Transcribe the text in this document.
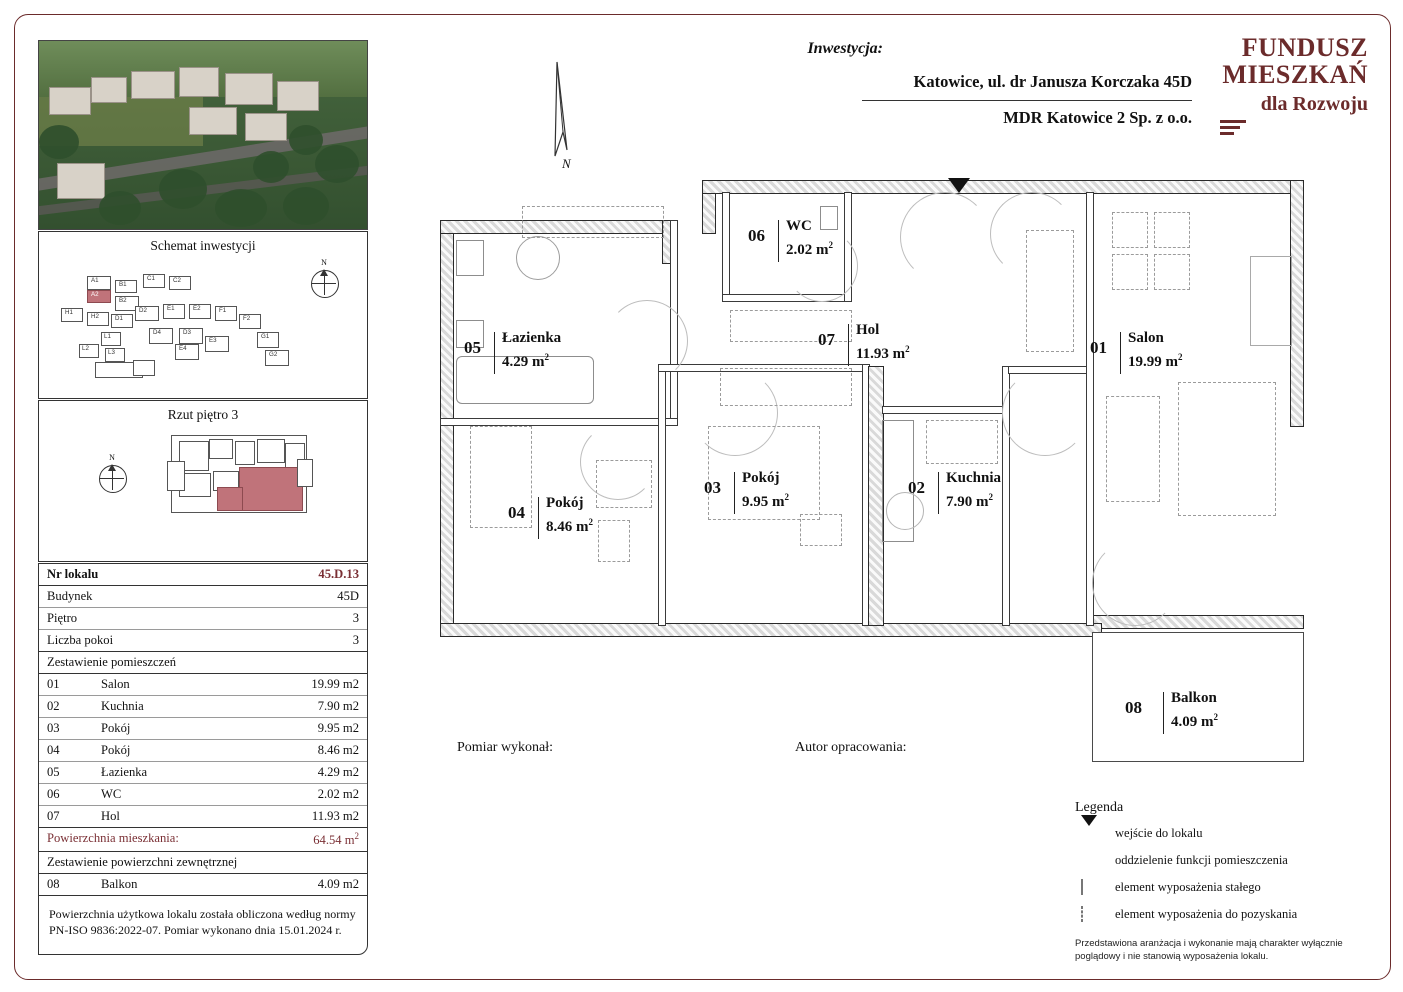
Schemat inwestycji
N
A1
A2
B1
B2
C1	C2
H1
H2	D1
D2	E1	E2	F1
F2
G1
G2
D3
D4
E3
E4
L1
L2
L3
Rzut piętro 3
N
Nr lokalu	45.D.13
Budynek	45D
Piętro	3
Liczba pokoi	3
Zestawienie pomieszczeń	
01	Salon	19.99 m2
02	Kuchnia	7.90 m2
03	Pokój	9.95 m2
04	Pokój	8.46 m2
05	Łazienka	4.29 m2
06	WC	2.02 m2
07	Hol	11.93 m2
Powierzchnia mieszkania:		64.54 $m^2$
Zestawienie powierzchni zewnętrznej		
08	Balkon	4.09 m2
Powierzchnia użytkowa lokalu została obliczona według normy PN-ISO 9836:2022-07. Pomiar wykonano dnia 15.01.2024 r.
Inwestycja:
Katowice, ul. dr Janusza Korczaka 45D
MDR Katowice 2 Sp. z o.o.
FUNDUSZ
MIESZKAŃ
dla Rozwoju
N
01 Salon
19.99 $m^2$
02 Kuchnia
7.90 $m^2$
03 Pokój
9.95 $m^2$
04 Pokój
8.46 $m^2$
05 Łazienka
4.29 $m^2$
06 WC
2.02 $m^2$
07 Hol
11.93 $m^2$
08 Balkon
4.09 $m^2$
Pomiar wykonał:	Autor opracowania:
Legenda
wejście do lokalu
oddzielenie funkcji pomieszczenia
element wyposażenia stałego
element wyposażenia do pozyskania
Przedstawiona aranżacja i wykonanie mają charakter wyłącznie poglądowy i nie stanowią wyposażenia lokalu.
